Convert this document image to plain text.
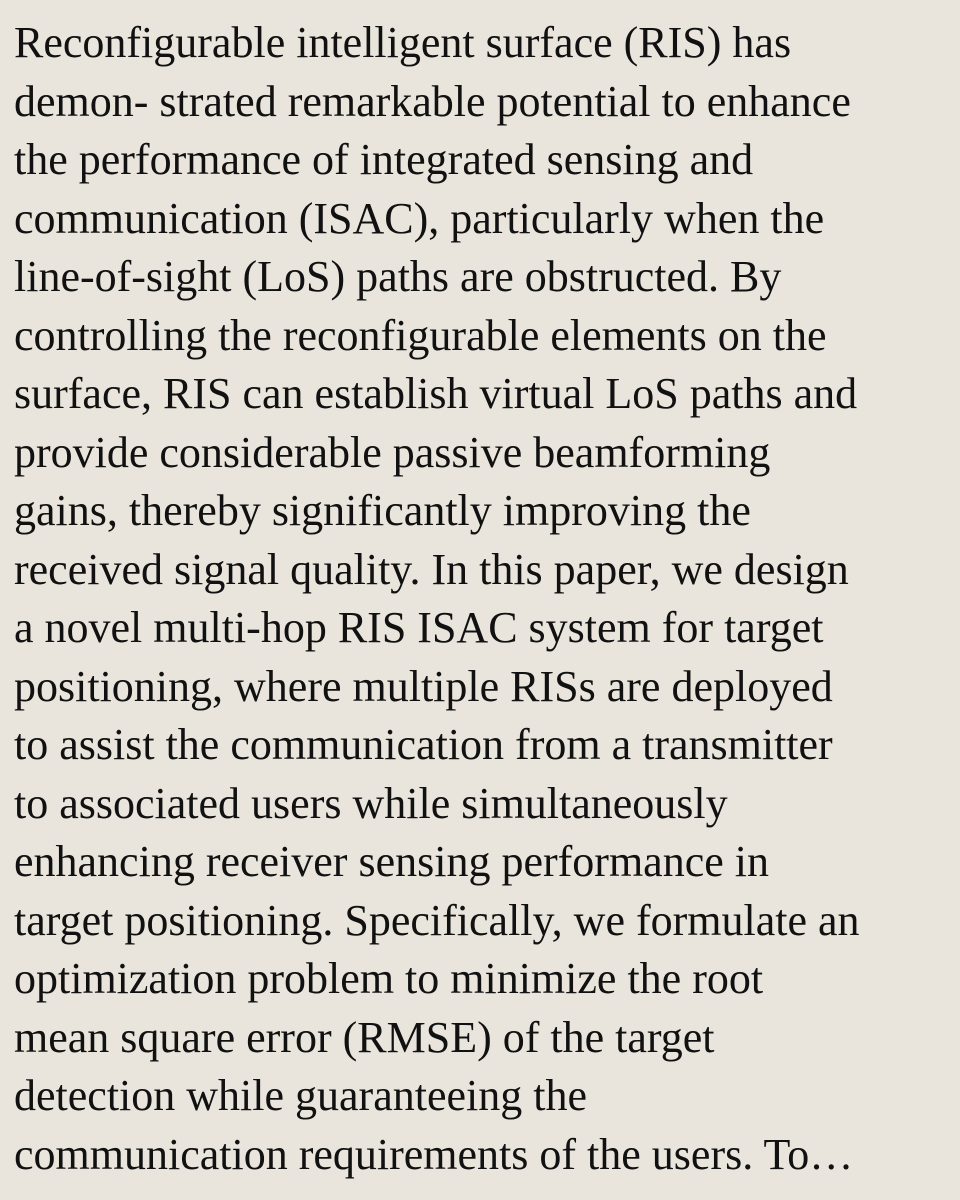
Reconfigurable intelligent surface (RIS) has
demon- strated remarkable potential to enhance
the performance of integrated sensing and
communication (ISAC), particularly when the
line-of-sight (LoS) paths are obstructed. By
controlling the reconfigurable elements on the
surface, RIS can establish virtual LoS paths and
provide considerable passive beamforming
gains, thereby significantly improving the
received signal quality. In this paper, we design
a novel multi-hop RIS ISAC system for target
positioning, where multiple RISs are deployed
to assist the communication from a transmitter
to associated users while simultaneously
enhancing receiver sensing performance in
target positioning. Specifically, we formulate an
optimization problem to minimize the root
mean square error (RMSE) of the target
detection while guaranteeing the
communication requirements of the users. To…
